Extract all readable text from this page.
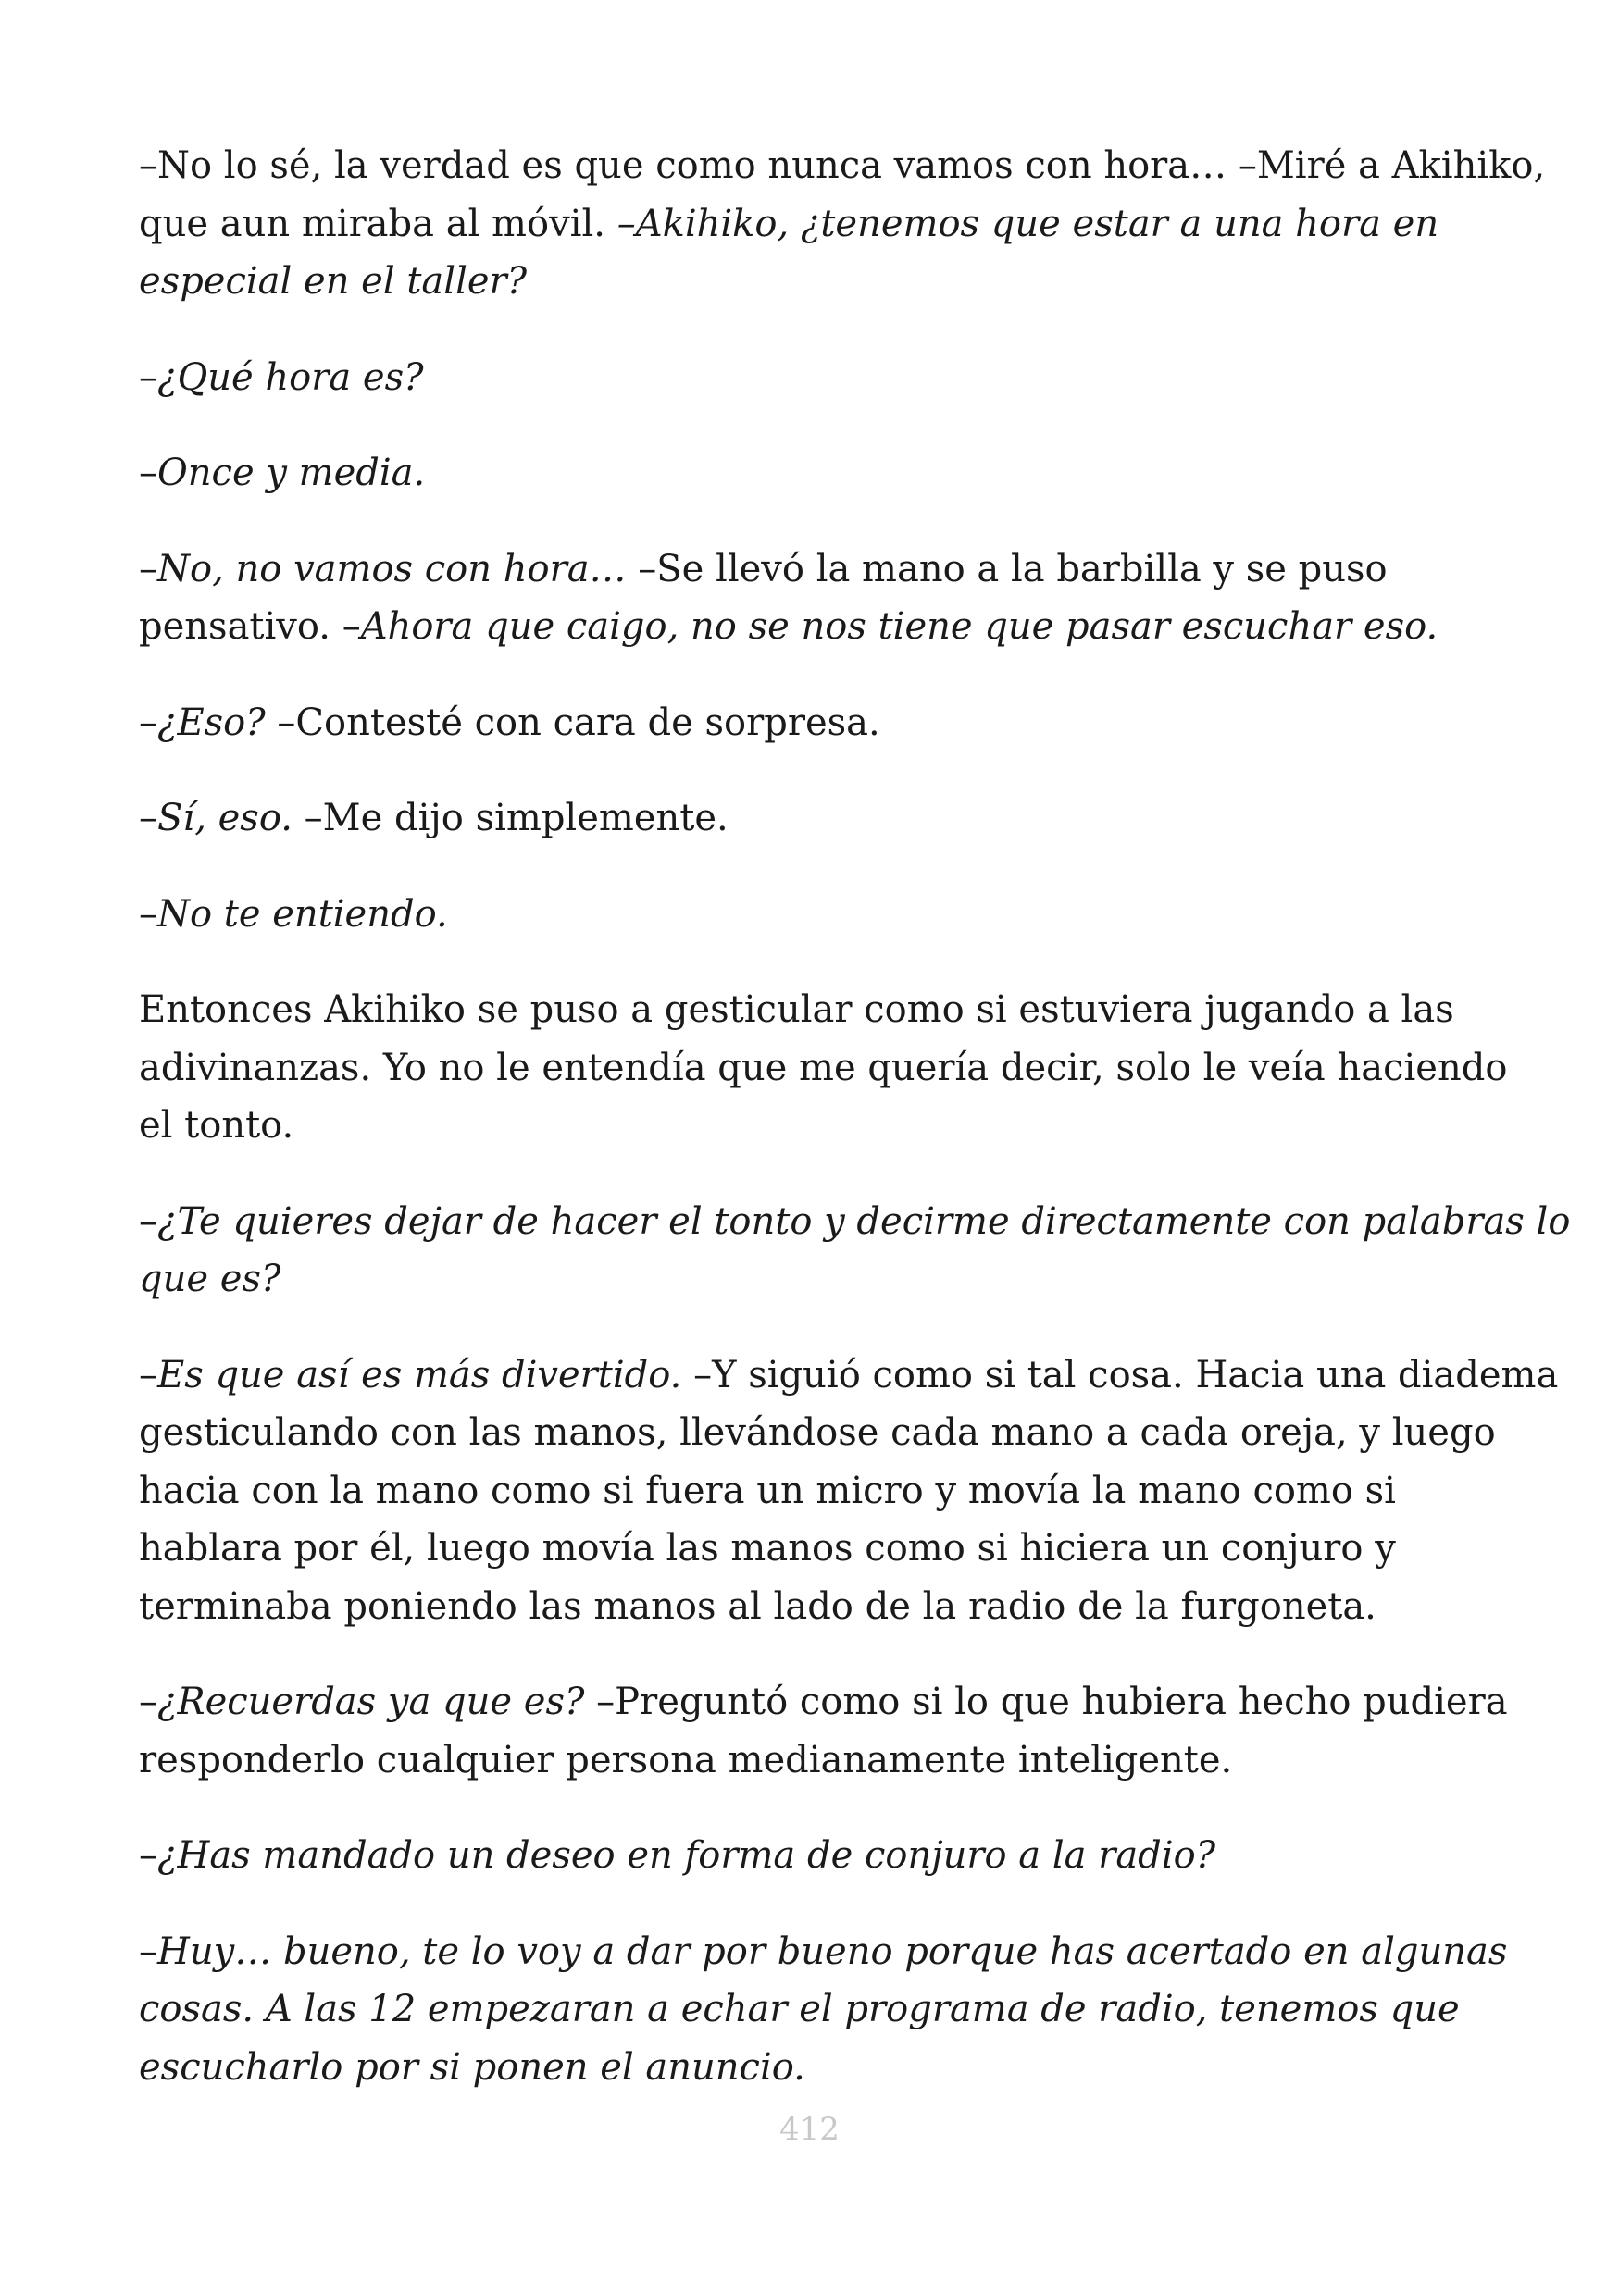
–No lo sé, la verdad es que como nunca vamos con hora… –Miré a Akihiko,
que aun miraba al móvil. –Akihiko, ¿tenemos que estar a una hora en
especial en el taller?

–¿Qué hora es?

–Once y media.

–No, no vamos con hora… –Se llevó la mano a la barbilla y se puso
pensativo. –Ahora que caigo, no se nos tiene que pasar escuchar eso.

–¿Eso? –Contesté con cara de sorpresa.

–Sí, eso. –Me dijo simplemente.

–No te entiendo.

Entonces Akihiko se puso a gesticular como si estuviera jugando a las
adivinanzas. Yo no le entendía que me quería decir, solo le veía haciendo
el tonto.

–¿Te quieres dejar de hacer el tonto y decirme directamente con palabras lo
que es?

–Es que así es más divertido. –Y siguió como si tal cosa. Hacia una diadema
gesticulando con las manos, llevándose cada mano a cada oreja, y luego
hacia con la mano como si fuera un micro y movía la mano como si
hablara por él, luego movía las manos como si hiciera un conjuro y
terminaba poniendo las manos al lado de la radio de la furgoneta.

–¿Recuerdas ya que es? –Preguntó como si lo que hubiera hecho pudiera
responderlo cualquier persona medianamente inteligente.

–¿Has mandado un deseo en forma de conjuro a la radio?

–Huy… bueno, te lo voy a dar por bueno porque has acertado en algunas
cosas. A las 12 empezaran a echar el programa de radio, tenemos que
escucharlo por si ponen el anuncio.

412
